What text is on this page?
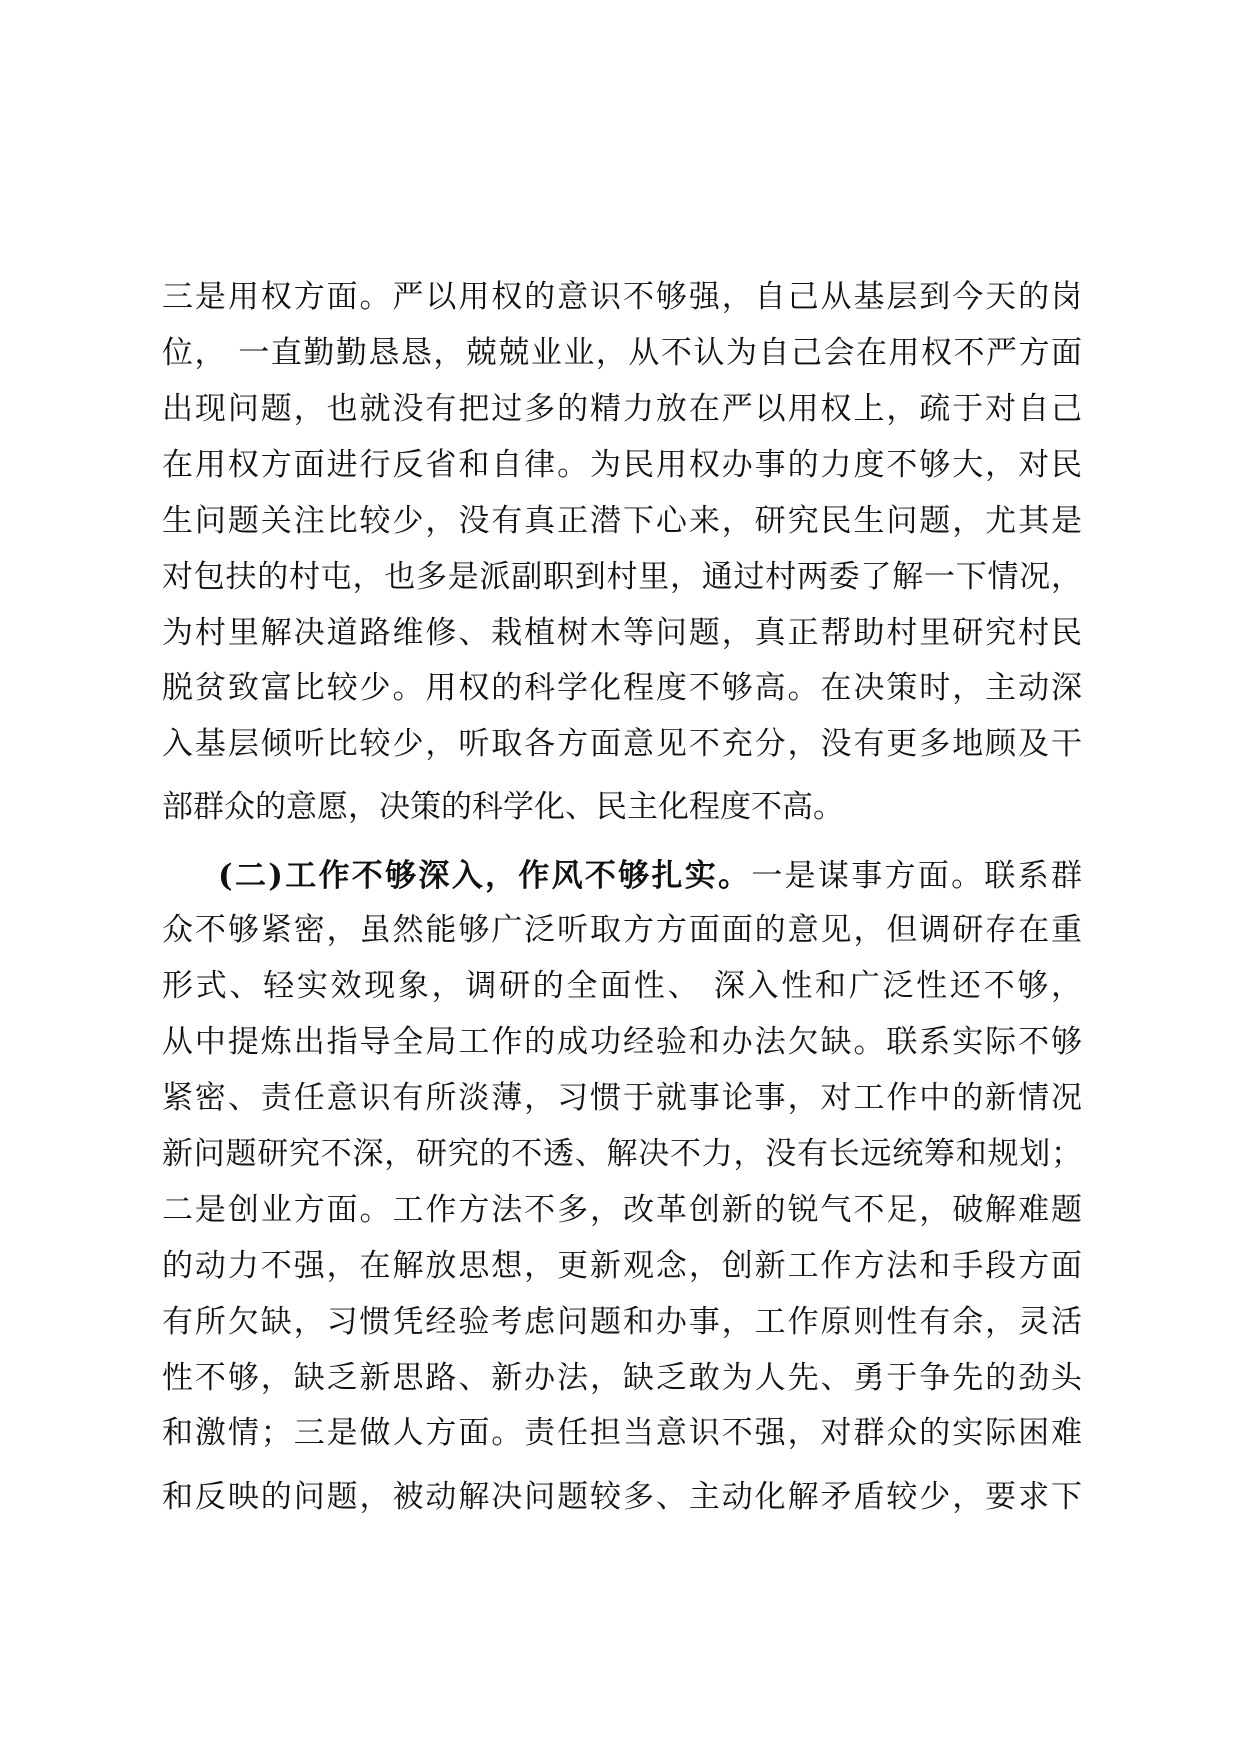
三是用权方面。严以用权的意识不够强，自己从基层到今天的岗
位， 一直勤勤恳恳，兢兢业业，从不认为自己会在用权不严方面
出现问题，也就没有把过多的精力放在严以用权上，疏于对自己
在用权方面进行反省和自律。为民用权办事的力度不够大，对民
生问题关注比较少，没有真正潜下心来，研究民生问题，尤其是
对包扶的村屯，也多是派副职到村里，通过村两委了解一下情况，
为村里解决道路维修、栽植树木等问题，真正帮助村里研究村民
脱贫致富比较少。用权的科学化程度不够高。在决策时，主动深
入基层倾听比较少，听取各方面意见不充分，没有更多地顾及干
部群众的意愿，决策的科学化、民主化程度不高。
(二)工作不够深入，作风不够扎实。一是谋事方面。联系群
众不够紧密，虽然能够广泛听取方方面面的意见，但调研存在重
形式、轻实效现象，调研的全面性、 深入性和广泛性还不够，
从中提炼出指导全局工作的成功经验和办法欠缺。联系实际不够
紧密、责任意识有所淡薄，习惯于就事论事，对工作中的新情况
新问题研究不深，研究的不透、解决不力，没有长远统筹和规划；
二是创业方面。工作方法不多，改革创新的锐气不足，破解难题
的动力不强，在解放思想，更新观念，创新工作方法和手段方面
有所欠缺，习惯凭经验考虑问题和办事，工作原则性有余，灵活
性不够，缺乏新思路、新办法，缺乏敢为人先、勇于争先的劲头
和激情；三是做人方面。责任担当意识不强，对群众的实际困难
和反映的问题，被动解决问题较多、主动化解矛盾较少，要求下
